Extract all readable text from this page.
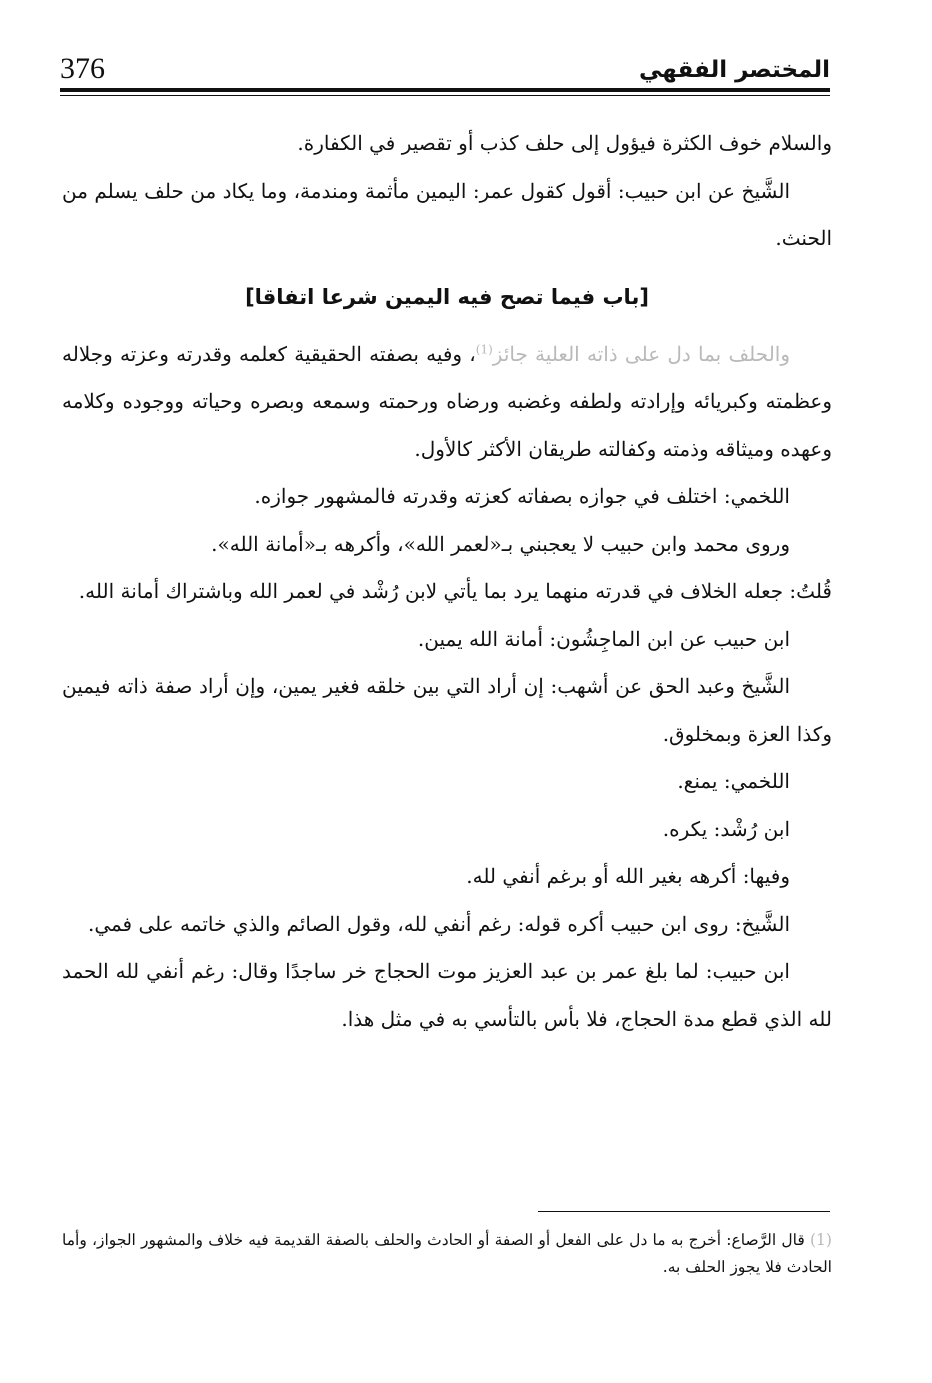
376	المختصر الفقهي

والسلام خوف الكثرة فيؤول إلى حلف كذب أو تقصير في الكفارة.

الشَّيخ عن ابن حبيب: أقول كقول عمر: اليمين مأثمة ومندمة، وما يكاد من حلف يسلم من الحنث.

[باب فيما تصح فيه اليمين شرعا اتفاقا]

والحلف بما دل على ذاته العلية جائز$^{(1)}$، وفيه بصفته الحقيقية كعلمه وقدرته وعزته وجلاله وعظمته وكبريائه وإرادته ولطفه وغضبه ورضاه ورحمته وسمعه وبصره وحياته ووجوده وكلامه وعهده وميثاقه وذمته وكفالته طريقان الأكثر كالأول.

اللخمي: اختلف في جوازه بصفاته كعزته وقدرته فالمشهور جوازه.

وروى محمد وابن حبيب لا يعجبني بـ«لعمر الله»، وأكرهه بـ«أمانة الله».

قُلتُ: جعله الخلاف في قدرته منهما يرد بما يأتي لابن رُشْد في لعمر الله وباشتراك أمانة الله.

ابن حبيب عن ابن الماجِشُون: أمانة الله يمين.

الشَّيخ وعبد الحق عن أشهب: إن أراد التي بين خلقه فغير يمين، وإن أراد صفة ذاته فيمين وكذا العزة وبمخلوق.

اللخمي: يمنع.

ابن رُشْد: يكره.

وفيها: أكرهه بغير الله أو برغم أنفي لله.

الشَّيخ: روى ابن حبيب أكره قوله: رغم أنفي لله، وقول الصائم والذي خاتمه على فمي.

ابن حبيب: لما بلغ عمر بن عبد العزيز موت الحجاج خر ساجدًا وقال: رغم أنفي لله الحمد لله الذي قطع مدة الحجاج، فلا بأس بالتأسي به في مثل هذا.

(1) قال الرَّصاع: أخرج به ما دل على الفعل أو الصفة أو الحادث والحلف بالصفة القديمة فيه خلاف والمشهور الجواز، وأما الحادث فلا يجوز الحلف به.
